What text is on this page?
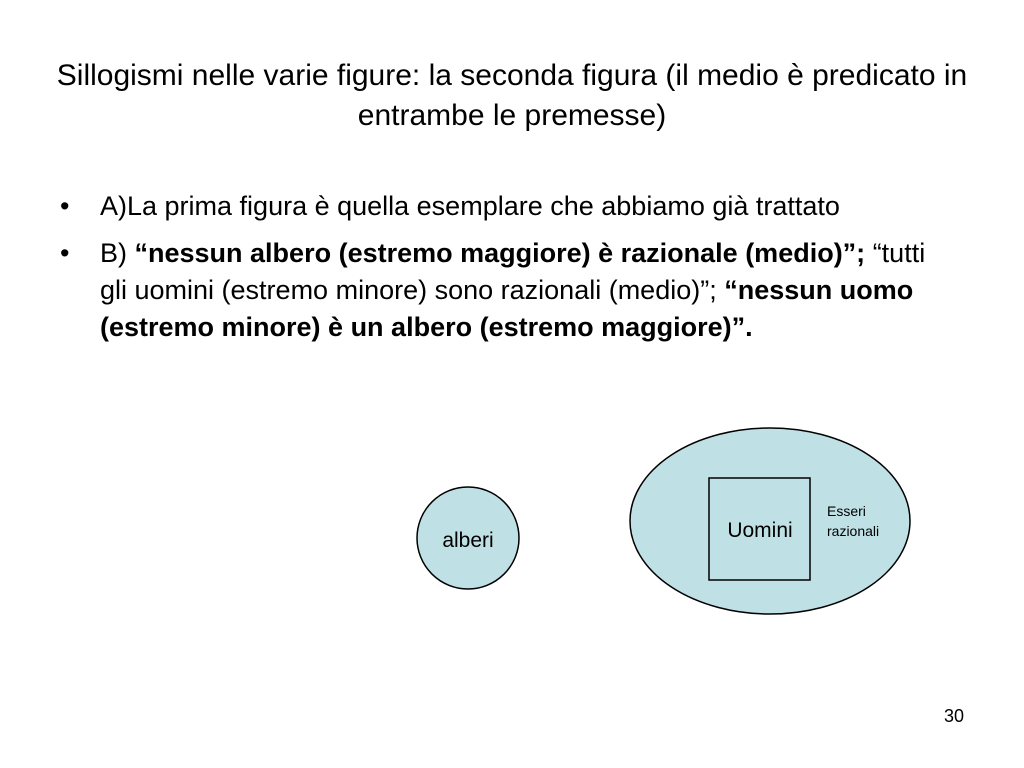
Sillogismi nelle varie figure: la seconda figura (il medio è predicato in entrambe le premesse)
• A)La prima figura è quella esemplare che abbiamo già trattato
• B) “nessun albero (estremo maggiore) è razionale (medio)”; “tutti gli uomini (estremo minore) sono razionali (medio)”; “nessun uomo (estremo minore) è un albero (estremo maggiore)”.
alberi	Uomini
Esseri
razionali
30
